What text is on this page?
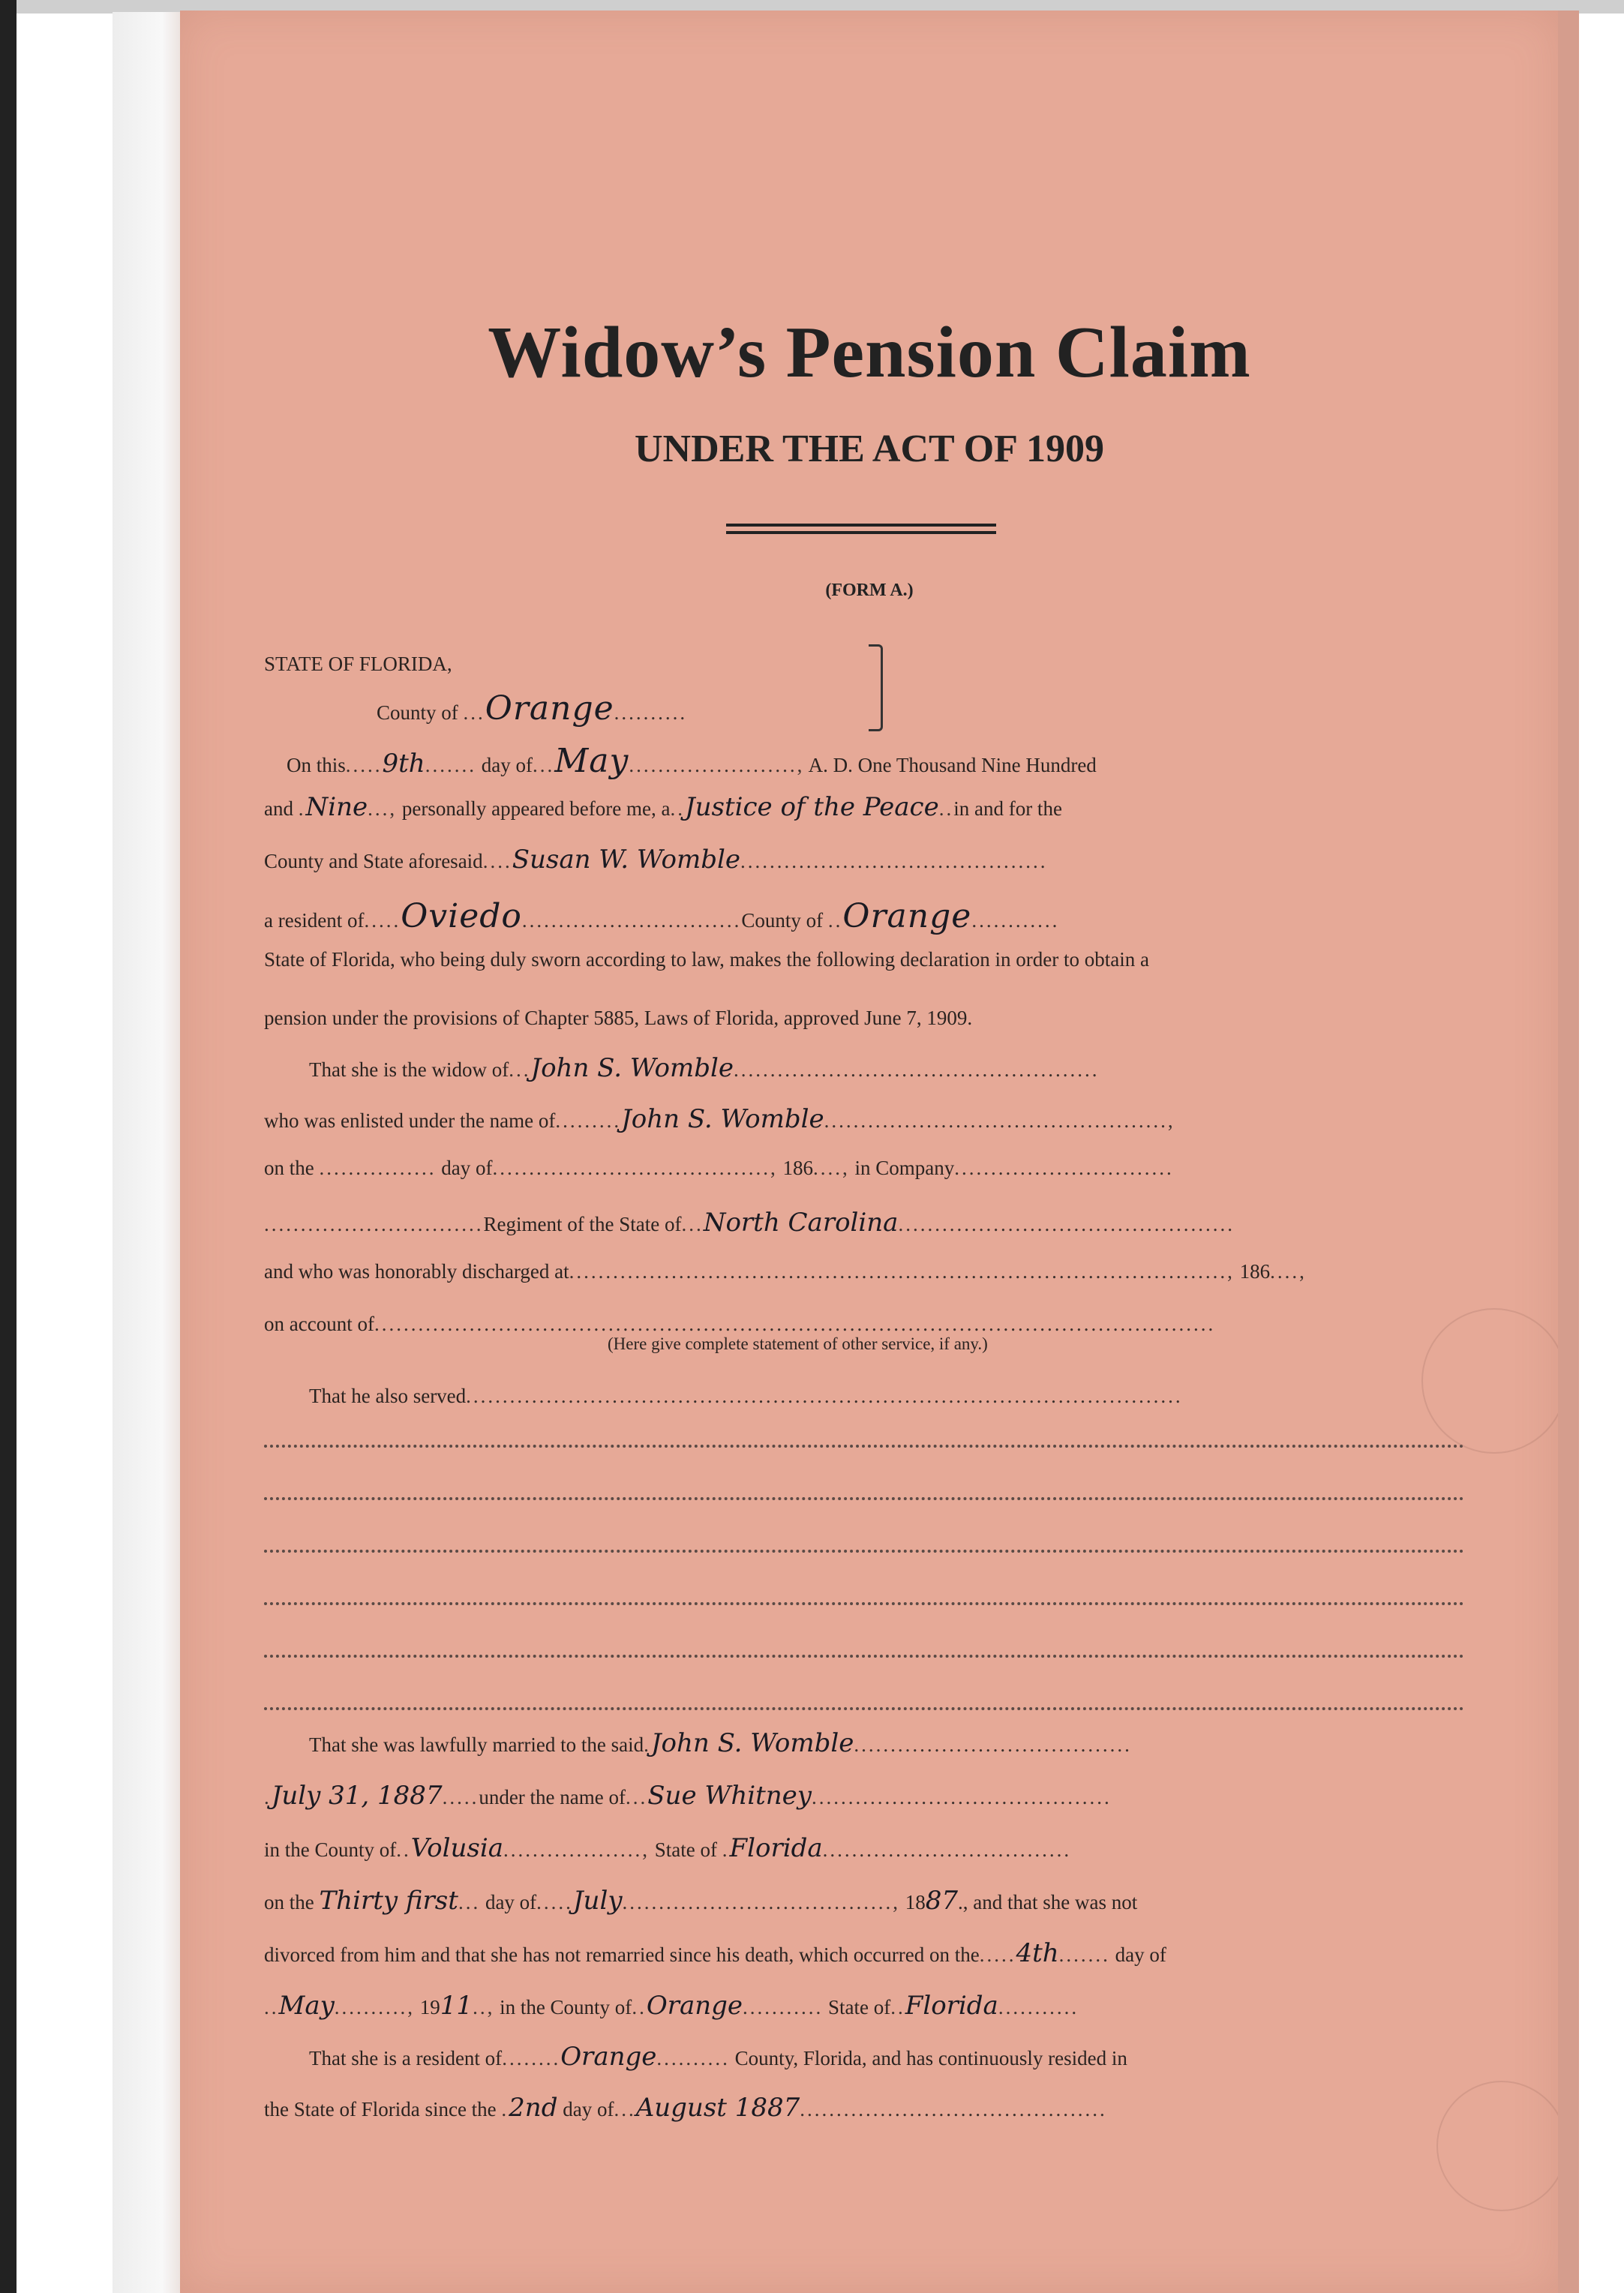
Widow’s Pension Claim
UNDER THE ACT OF 1909
(FORM A.)
STATE OF FLORIDA,
County of ...Orange..........
On this.....9th....... day of...May......................., A. D. One Thousand Nine Hundred
and .Nine..., personally appeared before me, a..Justice of the Peace..in and for the
County and State aforesaid....Susan W. Womble..........................................
a resident of.....Oviedo..............................County of ..Orange............
State of Florida, who being duly sworn according to law, makes the following declaration in order to obtain a
pension under the provisions of Chapter 5885, Laws of Florida, approved June 7, 1909.
That she is the widow of...John S. Womble..................................................
who was enlisted under the name of.........John S. Womble...............................................,
on the ................ day of......................................, 186...., in Company..............................
..............................Regiment of the State of...North Carolina..............................................
and who was honorably discharged at.........................................................................................., 186....,
on account of...................................................................................................................
(Here give complete statement of other service, if any.)
That he also served..................................................................................................
That she was lawfully married to the said.John S. Womble......................................
.July 31, 1887.....under the name of...Sue Whitney.........................................
in the County of..Volusia..................., State of .Florida..................................
on the Thirty first... day of.....July....................................., 1887., and that she was not
divorced from him and that she has not remarried since his death, which occurred on the.....4th....... day of
..May.........., 1911.., in the County of..Orange........... State of..Florida...........
That she is a resident of........Orange.......... County, Florida, and has continuously resided in
the State of Florida since the .2nd day of...August 1887..........................................
